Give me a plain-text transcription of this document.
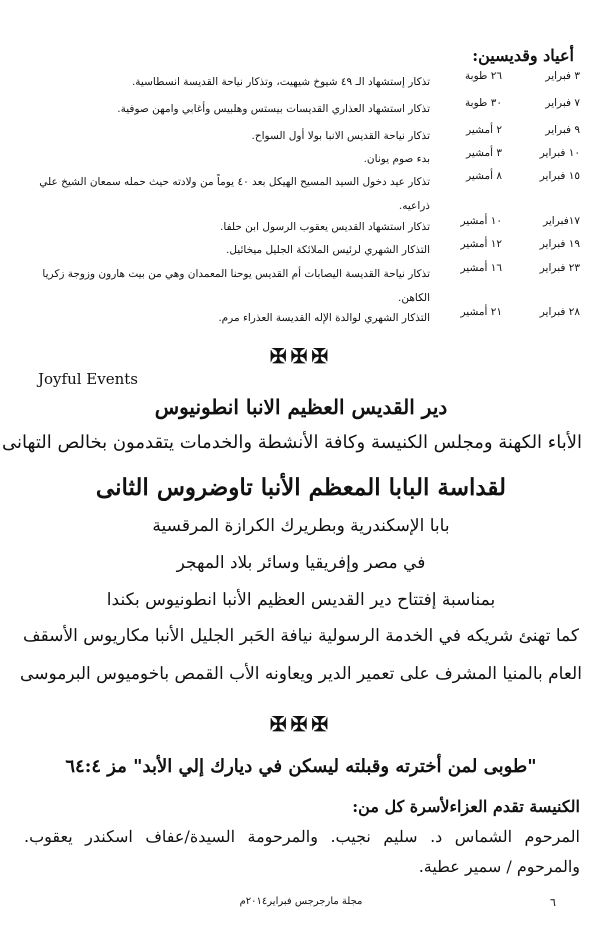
أعياد وقديسين:
٣ فبراير
٢٦ طوبة
تذكار إستشهاد الـ ٤٩ شيوخ شيهيت، وتذكار نياحة القديسة انسطاسية.
٧ فبراير
٣٠ طوبة
تذكار استشهاد العذاري القديسات بيستس وهلبيس وأغابي وامهن صوفية.
٩ فبراير
٢ أمشير
تذكار نياحة القديس الانبا بولا أول السواح.
١٠ فبراير
٣ أمشير
بدء صوم يونان.
١٥ فبراير
٨ أمشير
تذكار عيد دخول السيد المسيح الهيكل بعد ٤٠ يوماً من ولادته حيث حمله سمعان الشيخ علي ذراعيه.
١٧فبراير
١٠ أمشير
تذكار استشهاد القديس يعقوب الرسول ابن حلفا.
١٩ فبراير
١٢ أمشير
التذكار الشهري لرئيس الملائكة الجليل ميخائيل.
٢٣ فبراير
١٦ أمشير
تذكار نياحة القديسة اليصابات أم القديس يوحنا المعمدان وهي من بيت هارون وزوجة زكريا الكاهن.
٢٨ فبراير
٢١ أمشير
التذكار الشهري لوالدة الإله القديسة العذراء مرم.
✠✠✠
Joyful Events
دير القديس العظيم الانبا انطونيوس
الأباء الكهنة ومجلس الكنيسة وكافة الأنشطة والخدمات يتقدمون بخالص التهانى
لقداسة البابا المعظم الأنبا تاوضروس الثانى
بابا الإسكندرية وبطريرك الكرازة المرقسية
في مصر وإفريقيا وسائر بلاد المهجر
بمناسبة إفتتاح دير القديس العظيم الأنبا انطونيوس بكندا
كما تهنئ شريكه في الخدمة الرسولية نيافة الحَبر الجليل الأنبا مكاريوس الأسقف
العام بالمنيا المشرف على تعمير الدير ويعاونه الأب القمص باخوميوس البرموسى
✠✠✠
"طوبى لمن أخترته وقبلته ليسكن في ديارك إلي الأبد" مز ٦٤:٤
الكنيسة تقدم العزاءلأسرة كل من:
المرحوم الشماس د. سليم نجيب. والمرحومة السيدة/عفاف اسكندر يعقوب. والمرحوم / سمير عطية.
مجلة مارجرجس فبراير٢٠١٤م	٦
